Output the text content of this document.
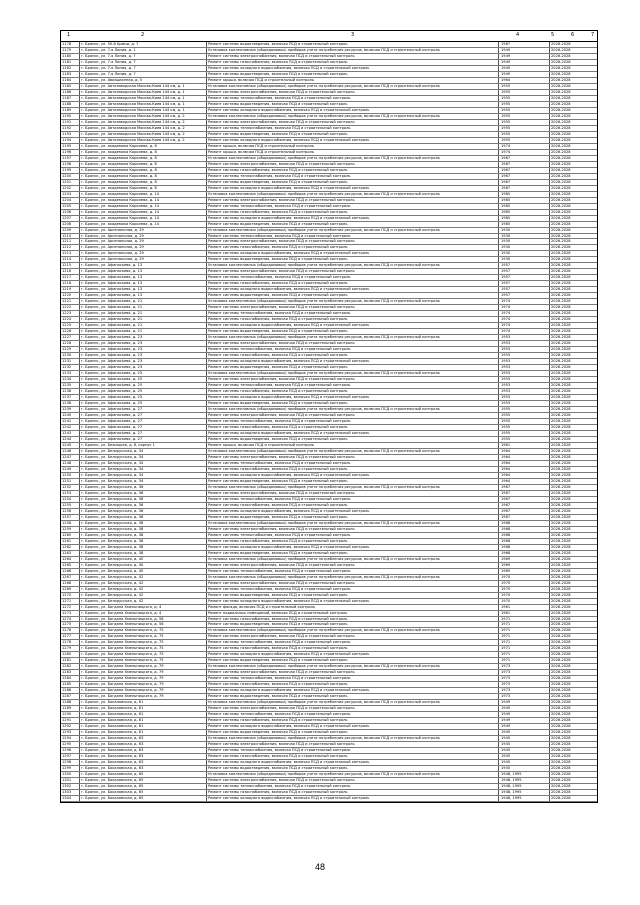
1	2	3	4	5	6	7
1178	г. Брянск, ул. 50-й Армии, д. 7	Ремонт системы водоотведения, включая ПСД и строительный контроль	1967	2026-2028
1179	г. Брянск, ул. 7-я Линия, д. 1	Установка коллективных (общедомовых) приборов учета потребления ресурсов, включая ПСД и строительный контроль	1949	2026-2028
1180	г. Брянск, ул. 7-я Линия, д. 7	Ремонт системы электроснабжения, включая ПСД и строительный контроль	1949	2026-2028
1181	г. Брянск, ул. 7-я Линия, д. 7	Ремонт системы газоснабжения, включая ПСД и строительный контроль	1949	2026-2028
1182	г. Брянск, ул. 7-я Линия, д. 7	Ремонт системы холодного водоснабжения, включая ПСД и строительный контроль	1949	2026-2028
1183	г. Брянск, ул. 7-я Линия, д. 7	Ремонт системы водоотведения, включая ПСД и строительный контроль	1949	2026-2028
1184	г. Брянск, ул. Авиационная, д. 5	Ремонт крыши, включая ПСД и строительный контроль	1964	2026-2028
1185	г. Брянск, ул. Автозаводская Москва-Киев 144 км, д. 1	Установка коллективных (общедомовых) приборов учета потребления ресурсов, включая ПСД и строительный контроль	1955	2026-2028
1186	г. Брянск, ул. Автозаводская Москва-Киев 144 км, д. 1	Ремонт системы электроснабжения, включая ПСД и строительный контроль	1955	2026-2028
1187	г. Брянск, ул. Автозаводская Москва-Киев 144 км, д. 1	Ремонт системы теплоснабжения, включая ПСД и строительный контроль	1955	2026-2028
1188	г. Брянск, ул. Автозаводская Москва-Киев 144 км, д. 1	Ремонт системы водоотведения, включая ПСД и строительный контроль	1955	2026-2028
1189	г. Брянск, ул. Автозаводская Москва-Киев 144 км, д. 1	Ремонт системы холодного водоснабжения, включая ПСД и строительный контроль	1955	2026-2028
1190	г. Брянск, ул. Автозаводская Москва-Киев 144 км, д. 2	Установка коллективных (общедомовых) приборов учета потребления ресурсов, включая ПСД и строительный контроль	1955	2026-2028
1191	г. Брянск, ул. Автозаводская Москва-Киев 144 км, д. 2	Ремонт системы электроснабжения, включая ПСД и строительный контроль	1955	2026-2028
1192	г. Брянск, ул. Автозаводская Москва-Киев 144 км, д. 2	Ремонт системы теплоснабжения, включая ПСД и строительный контроль	1955	2026-2028
1193	г. Брянск, ул. Автозаводская Москва-Киев 144 км, д. 2	Ремонт системы водоотведения, включая ПСД и строительный контроль	1955	2026-2028
1194	г. Брянск, ул. Автозаводская Москва-Киев 144 км, д. 2	Ремонт системы холодного водоснабжения, включая ПСД и строительный контроль	1955	2026-2028
1195	г. Брянск, ул. академика Королева, д. 6	Ремонт крыши, включая ПСД и строительный контроль	1974	2026-2028
1196	г. Брянск, ул. академика Королева, д. 8	Ремонт крыши, включая ПСД и строительный контроль	1974	2026-2028
1197	г. Брянск, ул. академика Королева, д. 8	Установка коллективных (общедомовых) приборов учета потребления ресурсов, включая ПСД и строительный контроль	1967	2026-2028
1198	г. Брянск, ул. академика Королева, д. 8	Ремонт системы электроснабжения, включая ПСД и строительный контроль	1967	2026-2028
1199	г. Брянск, ул. академика Королева, д. 8	Ремонт системы газоснабжения, включая ПСД и строительный контроль	1967	2026-2028
1200	г. Брянск, ул. академика Королева, д. 8	Ремонт системы теплоснабжения, включая ПСД и строительный контроль	1967	2026-2028
1201	г. Брянск, ул. академика Королева, д. 8	Ремонт системы водоотведения, включая ПСД и строительный контроль	1967	2026-2028
1202	г. Брянск, ул. академика Королева, д. 8	Ремонт системы холодного водоснабжения, включая ПСД и строительный контроль	1967	2026-2028
1203	г. Брянск, ул. академика Королева, д. 14	Установка коллективных (общедомовых) приборов учета потребления ресурсов, включая ПСД и строительный контроль	1985	2026-2028
1204	г. Брянск, ул. академика Королева, д. 14	Ремонт системы электроснабжения, включая ПСД и строительный контроль	1985	2026-2028
1205	г. Брянск, ул. академика Королева, д. 14	Ремонт системы теплоснабжения, включая ПСД и строительный контроль	1985	2026-2028
1206	г. Брянск, ул. академика Королева, д. 14	Ремонт системы газоснабжения, включая ПСД и строительный контроль	1985	2026-2028
1207	г. Брянск, ул. академика Королева, д. 14	Ремонт системы холодного водоснабжения, включая ПСД и строительный контроль	1985	2026-2028
1208	г. Брянск, ул. академика Королева, д. 14	Ремонт системы водоотведения, включая ПСД и строительный контроль	1985	2026-2028
1209	г. Брянск, ул. Арсенальная, д. 29	Установка коллективных (общедомовых) приборов учета потребления ресурсов, включая ПСД и строительный контроль	1930	2026-2028
1210	г. Брянск, ул. Арсенальная, д. 29	Ремонт системы теплоснабжения, включая ПСД и строительный контроль	1930	2026-2028
1211	г. Брянск, ул. Арсенальная, д. 29	Ремонт системы электроснабжения, включая ПСД и строительный контроль	1930	2026-2028
1212	г. Брянск, ул. Арсенальная, д. 29	Ремонт системы газоснабжения, включая ПСД и строительный контроль	1930	2026-2028
1213	г. Брянск, ул. Арсенальная, д. 29	Ремонт системы холодного водоснабжения, включая ПСД и строительный контроль	1930	2026-2028
1214	г. Брянск, ул. Арсенальная, д. 29	Ремонт системы водоотведения, включая ПСД и строительный контроль	1930	2026-2028
1215	г. Брянск, ул. Афанасьева, д. 13	Установка коллективных (общедомовых) приборов учета потребления ресурсов, включая ПСД и строительный контроль	1957	2026-2028
1216	г. Брянск, ул. Афанасьева, д. 13	Ремонт системы электроснабжения, включая ПСД и строительный контроль	1957	2026-2028
1217	г. Брянск, ул. Афанасьева, д. 13	Ремонт системы теплоснабжения, включая ПСД и строительный контроль	1957	2026-2028
1218	г. Брянск, ул. Афанасьева, д. 13	Ремонт системы газоснабжения, включая ПСД и строительный контроль	1957	2026-2028
1219	г. Брянск, ул. Афанасьева, д. 13	Ремонт системы холодного водоснабжения, включая ПСД и строительный контроль	1957	2026-2028
1220	г. Брянск, ул. Афанасьева, д. 13	Ремонт системы водоотведения, включая ПСД и строительный контроль	1957	2026-2028
1221	г. Брянск, ул. Афанасьева, д. 21	Установка коллективных (общедомовых) приборов учета потребления ресурсов, включая ПСД и строительный контроль	1974	2026-2028
1222	г. Брянск, ул. Афанасьева, д. 21	Ремонт системы электроснабжения, включая ПСД и строительный контроль	1974	2026-2028
1223	г. Брянск, ул. Афанасьева, д. 21	Ремонт системы теплоснабжения, включая ПСД и строительный контроль	1974	2026-2028
1224	г. Брянск, ул. Афанасьева, д. 21	Ремонт системы газоснабжения, включая ПСД и строительный контроль	1974	2026-2028
1225	г. Брянск, ул. Афанасьева, д. 21	Ремонт системы холодного водоснабжения, включая ПСД и строительный контроль	1974	2026-2028
1226	г. Брянск, ул. Афанасьева, д. 21	Ремонт системы водоотведения, включая ПСД и строительный контроль	1974	2026-2028
1227	г. Брянск, ул. Афанасьева, д. 23	Установка коллективных (общедомовых) приборов учета потребления ресурсов, включая ПСД и строительный контроль	1953	2026-2028
1228	г. Брянск, ул. Афанасьева, д. 23	Ремонт системы электроснабжения, включая ПСД и строительный контроль	1953	2026-2028
1229	г. Брянск, ул. Афанасьева, д. 23	Ремонт системы теплоснабжения, включая ПСД и строительный контроль	1953	2026-2028
1230	г. Брянск, ул. Афанасьева, д. 23	Ремонт системы газоснабжения, включая ПСД и строительный контроль	1953	2026-2028
1231	г. Брянск, ул. Афанасьева, д. 23	Ремонт системы холодного водоснабжения, включая ПСД и строительный контроль	1953	2026-2028
1232	г. Брянск, ул. Афанасьева, д. 23	Ремонт системы водоотведения, включая ПСД и строительный контроль	1953	2026-2028
1233	г. Брянск, ул. Афанасьева, д. 25	Установка коллективных (общедомовых) приборов учета потребления ресурсов, включая ПСД и строительный контроль	1953	2026-2028
1234	г. Брянск, ул. Афанасьева, д. 25	Ремонт системы электроснабжения, включая ПСД и строительный контроль	1953	2026-2028
1235	г. Брянск, ул. Афанасьева, д. 25	Ремонт системы теплоснабжения, включая ПСД и строительный контроль	1953	2026-2028
1236	г. Брянск, ул. Афанасьева, д. 25	Ремонт системы газоснабжения, включая ПСД и строительный контроль	1953	2026-2028
1237	г. Брянск, ул. Афанасьева, д. 25	Ремонт системы холодного водоснабжения, включая ПСД и строительный контроль	1953	2026-2028
1238	г. Брянск, ул. Афанасьева, д. 25	Ремонт системы водоотведения, включая ПСД и строительный контроль	1953	2026-2028
1239	г. Брянск, ул. Афанасьева, д. 27	Установка коллективных (общедомовых) приборов учета потребления ресурсов, включая ПСД и строительный контроль	1955	2026-2028
1240	г. Брянск, ул. Афанасьева, д. 27	Ремонт системы электроснабжения, включая ПСД и строительный контроль	1955	2026-2028
1241	г. Брянск, ул. Афанасьева, д. 27	Ремонт системы теплоснабжения, включая ПСД и строительный контроль	1955	2026-2028
1242	г. Брянск, ул. Афанасьева, д. 27	Ремонт системы газоснабжения, включая ПСД и строительный контроль	1955	2026-2028
1243	г. Брянск, ул. Афанасьева, д. 27	Ремонт системы холодного водоснабжения, включая ПСД и строительный контроль	1955	2026-2028
1244	г. Брянск, ул. Афанасьева, д. 27	Ремонт системы водоотведения, включая ПСД и строительный контроль	1955	2026-2028
1245	г. Брянск, ул. Бежицкая, д. 8, корпус 1	Ремонт крыши, включая ПСД и строительный контроль	1961	2026-2028
1246	г. Брянск, ул. Белорусская, д. 34	Установка коллективных (общедомовых) приборов учета потребления ресурсов, включая ПСД и строительный контроль	1964	2026-2028
1247	г. Брянск, ул. Белорусская, д. 34	Ремонт системы электроснабжения, включая ПСД и строительный контроль	1964	2026-2028
1248	г. Брянск, ул. Белорусская, д. 34	Ремонт системы теплоснабжения, включая ПСД и строительный контроль	1964	2026-2028
1249	г. Брянск, ул. Белорусская, д. 34	Ремонт системы газоснабжения, включая ПСД и строительный контроль	1964	2026-2028
1250	г. Брянск, ул. Белорусская, д. 34	Ремонт системы холодного водоснабжения, включая ПСД и строительный контроль	1964	2026-2028
1251	г. Брянск, ул. Белорусская, д. 34	Ремонт системы водоотведения, включая ПСД и строительный контроль	1964	2026-2028
1252	г. Брянск, ул. Белорусская, д. 36	Установка коллективных (общедомовых) приборов учета потребления ресурсов, включая ПСД и строительный контроль	1967	2026-2028
1253	г. Брянск, ул. Белорусская, д. 36	Ремонт системы электроснабжения, включая ПСД и строительный контроль	1967	2026-2028
1254	г. Брянск, ул. Белорусская, д. 36	Ремонт системы теплоснабжения, включая ПСД и строительный контроль	1967	2026-2028
1255	г. Брянск, ул. Белорусская, д. 36	Ремонт системы газоснабжения, включая ПСД и строительный контроль	1967	2026-2028
1256	г. Брянск, ул. Белорусская, д. 36	Ремонт системы холодного водоснабжения, включая ПСД и строительный контроль	1967	2026-2028
1257	г. Брянск, ул. Белорусская, д. 36	Ремонт системы водоотведения, включая ПСД и строительный контроль	1967	2026-2028
1258	г. Брянск, ул. Белорусская, д. 38	Установка коллективных (общедомовых) приборов учета потребления ресурсов, включая ПСД и строительный контроль	1968	2026-2028
1259	г. Брянск, ул. Белорусская, д. 38	Ремонт системы электроснабжения, включая ПСД и строительный контроль	1968	2026-2028
1260	г. Брянск, ул. Белорусская, д. 38	Ремонт системы теплоснабжения, включая ПСД и строительный контроль	1968	2026-2028
1261	г. Брянск, ул. Белорусская, д. 38	Ремонт системы газоснабжения, включая ПСД и строительный контроль	1968	2026-2028
1262	г. Брянск, ул. Белорусская, д. 38	Ремонт системы холодного водоснабжения, включая ПСД и строительный контроль	1968	2026-2028
1263	г. Брянск, ул. Белорусская, д. 38	Ремонт системы водоотведения, включая ПСД и строительный контроль	1968	2026-2028
1264	г. Брянск, ул. Белорусская, д. 40	Установка коллективных (общедомовых) приборов учета потребления ресурсов, включая ПСД и строительный контроль	1969	2026-2028
1265	г. Брянск, ул. Белорусская, д. 40	Ремонт системы электроснабжения, включая ПСД и строительный контроль	1969	2026-2028
1266	г. Брянск, ул. Белорусская, д. 40	Ремонт системы теплоснабжения, включая ПСД и строительный контроль	1969	2026-2028
1267	г. Брянск, ул. Белорусская, д. 42	Установка коллективных (общедомовых) приборов учета потребления ресурсов, включая ПСД и строительный контроль	1970	2026-2028
1268	г. Брянск, ул. Белорусская, д. 42	Ремонт системы электроснабжения, включая ПСД и строительный контроль	1970	2026-2028
1269	г. Брянск, ул. Белорусская, д. 42	Ремонт системы теплоснабжения, включая ПСД и строительный контроль	1970	2026-2028
1270	г. Брянск, ул. Белорусская, д. 42	Ремонт системы водоотведения, включая ПСД и строительный контроль	1970	2026-2028
1271	г. Брянск, ул. Белорусская, д. 42	Ремонт системы холодного водоснабжения, включая ПСД и строительный контроль	1970	2026-2028
1272	г. Брянск, ул. Богдана Хмельницкого, д. 4	Ремонт фасада, включая ПСД и строительный контроль	1961	2026-2028
1273	г. Брянск, ул. Богдана Хмельницкого, д. 4	Ремонт подвальных помещений, включая ПСД и строительный контроль	1961	2026-2028
1274	г. Брянск, ул. Богдана Хмельницкого, д. 58	Ремонт системы газоснабжения, включая ПСД и строительный контроль	1971	2026-2028
1275	г. Брянск, ул. Богдана Хмельницкого, д. 58	Ремонт системы водоотведения, включая ПСД и строительный контроль	1971	2026-2028
1276	г. Брянск, ул. Богдана Хмельницкого, д. 75	Установка коллективных (общедомовых) приборов учета потребления ресурсов, включая ПСД и строительный контроль	1971	2026-2028
1277	г. Брянск, ул. Богдана Хмельницкого, д. 75	Ремонт системы электроснабжения, включая ПСД и строительный контроль	1971	2026-2028
1278	г. Брянск, ул. Богдана Хмельницкого, д. 75	Ремонт системы теплоснабжения, включая ПСД и строительный контроль	1971	2026-2028
1279	г. Брянск, ул. Богдана Хмельницкого, д. 75	Ремонт системы газоснабжения, включая ПСД и строительный контроль	1971	2026-2028
1280	г. Брянск, ул. Богдана Хмельницкого, д. 75	Ремонт системы холодного водоснабжения, включая ПСД и строительный контроль	1971	2026-2028
1281	г. Брянск, ул. Богдана Хмельницкого, д. 75	Ремонт системы водоотведения, включая ПСД и строительный контроль	1971	2026-2028
1282	г. Брянск, ул. Богдана Хмельницкого, д. 79	Установка коллективных (общедомовых) приборов учета потребления ресурсов, включая ПСД и строительный контроль	1973	2026-2028
1283	г. Брянск, ул. Богдана Хмельницкого, д. 79	Ремонт системы электроснабжения, включая ПСД и строительный контроль	1973	2026-2028
1284	г. Брянск, ул. Богдана Хмельницкого, д. 79	Ремонт системы теплоснабжения, включая ПСД и строительный контроль	1973	2026-2028
1285	г. Брянск, ул. Богдана Хмельницкого, д. 79	Ремонт системы газоснабжения, включая ПСД и строительный контроль	1973	2026-2028
1286	г. Брянск, ул. Богдана Хмельницкого, д. 79	Ремонт системы холодного водоснабжения, включая ПСД и строительный контроль	1973	2026-2028
1287	г. Брянск, ул. Богдана Хмельницкого, д. 79	Ремонт системы водоотведения, включая ПСД и строительный контроль	1973	2026-2028
1288	г. Брянск, ул. Бокаловская, д. 61	Установка коллективных (общедомовых) приборов учета потребления ресурсов, включая ПСД и строительный контроль	1949	2026-2028
1289	г. Брянск, ул. Бокаловская, д. 61	Ремонт системы электроснабжения, включая ПСД и строительный контроль	1949	2026-2028
1290	г. Брянск, ул. Бокаловская, д. 61	Ремонт системы теплоснабжения, включая ПСД и строительный контроль	1949	2026-2028
1291	г. Брянск, ул. Бокаловская, д. 61	Ремонт системы газоснабжения, включая ПСД и строительный контроль	1949	2026-2028
1292	г. Брянск, ул. Бокаловская, д. 61	Ремонт системы холодного водоснабжения, включая ПСД и строительный контроль	1949	2026-2028
1293	г. Брянск, ул. Бокаловская, д. 61	Ремонт системы водоотведения, включая ПСД и строительный контроль	1949	2026-2028
1294	г. Брянск, ул. Бокаловская, д. 63	Установка коллективных (общедомовых) приборов учета потребления ресурсов, включая ПСД и строительный контроль	1945	2026-2028
1295	г. Брянск, ул. Бокаловская, д. 63	Ремонт системы электроснабжения, включая ПСД и строительный контроль	1945	2026-2028
1296	г. Брянск, ул. Бокаловская, д. 63	Ремонт системы теплоснабжения, включая ПСД и строительный контроль	1945	2026-2028
1297	г. Брянск, ул. Бокаловская, д. 63	Ремонт системы газоснабжения, включая ПСД и строительный контроль	1945	2026-2028
1298	г. Брянск, ул. Бокаловская, д. 63	Ремонт системы холодного водоснабжения, включая ПСД и строительный контроль	1945	2026-2028
1299	г. Брянск, ул. Бокаловская, д. 63	Ремонт системы водоотведения, включая ПСД и строительный контроль	1945	2026-2028
1300	г. Брянск, ул. Бокаловская, д. 65	Установка коллективных (общедомовых) приборов учета потребления ресурсов, включая ПСД и строительный контроль	1948, 1995	2026-2028
1301	г. Брянск, ул. Бокаловская, д. 65	Ремонт системы электроснабжения, включая ПСД и строительный контроль	1948, 1995	2026-2028
1302	г. Брянск, ул. Бокаловская, д. 65	Ремонт системы теплоснабжения, включая ПСД и строительный контроль	1948, 1995	2026-2028
1303	г. Брянск, ул. Бокаловская, д. 65	Ремонт системы газоснабжения, включая ПСД и строительный контроль	1948, 1995	2026-2028
1304	г. Брянск, ул. Бокаловская, д. 65	Ремонт системы холодного водоснабжения, включая ПСД и строительный контроль	1948, 1995	2026-2028
48
